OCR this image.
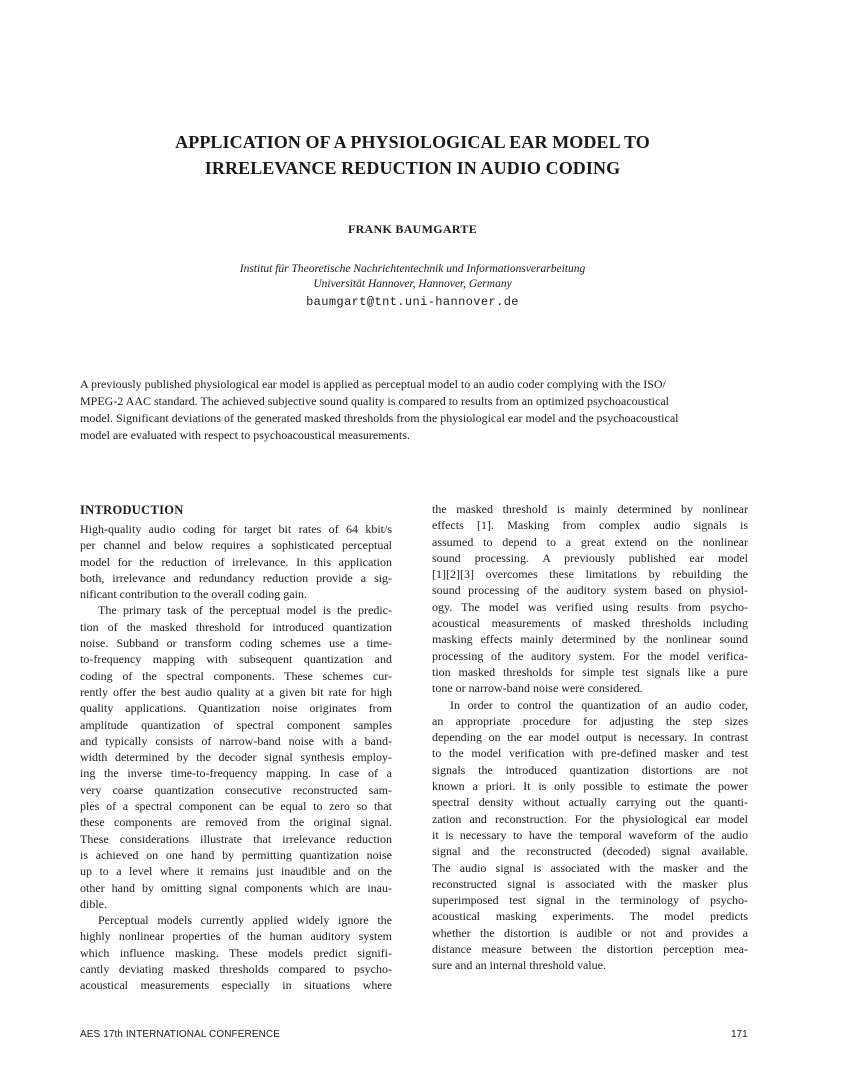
APPLICATION OF A PHYSIOLOGICAL EAR MODEL TO
IRRELEVANCE REDUCTION IN AUDIO CODING
FRANK BAUMGARTE
Institut für Theoretische Nachrichtentechnik und Informationsverarbeitung
Universität Hannover, Hannover, Germany
baumgart@tnt.uni-hannover.de
A previously published physiological ear model is applied as perceptual model to an audio coder complying with the ISO/
MPEG-2 AAC standard. The achieved subjective sound quality is compared to results from an optimized psychoacoustical
model. Significant deviations of the generated masked thresholds from the physiological ear model and the psychoacoustical
model are evaluated with respect to psychoacoustical measurements.
INTRODUCTION
High-quality audio coding for target bit rates of 64 kbit/s
per channel and below requires a sophisticated perceptual
model for the reduction of irrelevance. In this application
both, irrelevance and redundancy reduction provide a sig-
nificant contribution to the overall coding gain.
The primary task of the perceptual model is the predic-
tion of the masked threshold for introduced quantization
noise. Subband or transform coding schemes use a time-
to-frequency mapping with subsequent quantization and
coding of the spectral components. These schemes cur-
rently offer the best audio quality at a given bit rate for high
quality applications. Quantization noise originates from
amplitude quantization of spectral component samples
and typically consists of narrow-band noise with a band-
width determined by the decoder signal synthesis employ-
ing the inverse time-to-frequency mapping. In case of a
very coarse quantization consecutive reconstructed sam-
ples of a spectral component can be equal to zero so that
these components are removed from the original signal.
These considerations illustrate that irrelevance reduction
is achieved on one hand by permitting quantization noise
up to a level where it remains just inaudible and on the
other hand by omitting signal components which are inau-
dible.
Perceptual models currently applied widely ignore the
highly nonlinear properties of the human auditory system
which influence masking. These models predict signifi-
cantly deviating masked thresholds compared to psycho-
acoustical measurements especially in situations where
the masked threshold is mainly determined by nonlinear
effects [1]. Masking from complex audio signals is
assumed to depend to a great extend on the nonlinear
sound processing. A previously published ear model
[1][2][3] overcomes these limitations by rebuilding the
sound processing of the auditory system based on physiol-
ogy. The model was verified using results from psycho-
acoustical measurements of masked thresholds including
masking effects mainly determined by the nonlinear sound
processing of the auditory system. For the model verifica-
tion masked thresholds for simple test signals like a pure
tone or narrow-band noise were considered.
In order to control the quantization of an audio coder,
an appropriate procedure for adjusting the step sizes
depending on the ear model output is necessary. In contrast
to the model verification with pre-defined masker and test
signals the introduced quantization distortions are not
known a priori. It is only possible to estimate the power
spectral density without actually carrying out the quanti-
zation and reconstruction. For the physiological ear model
it is necessary to have the temporal waveform of the audio
signal and the reconstructed (decoded) signal available.
The audio signal is associated with the masker and the
reconstructed signal is associated with the masker plus
superimposed test signal in the terminology of psycho-
acoustical masking experiments. The model predicts
whether the distortion is audible or not and provides a
distance measure between the distortion perception mea-
sure and an internal threshold value.
AES 17th INTERNATIONAL CONFERENCE	171
